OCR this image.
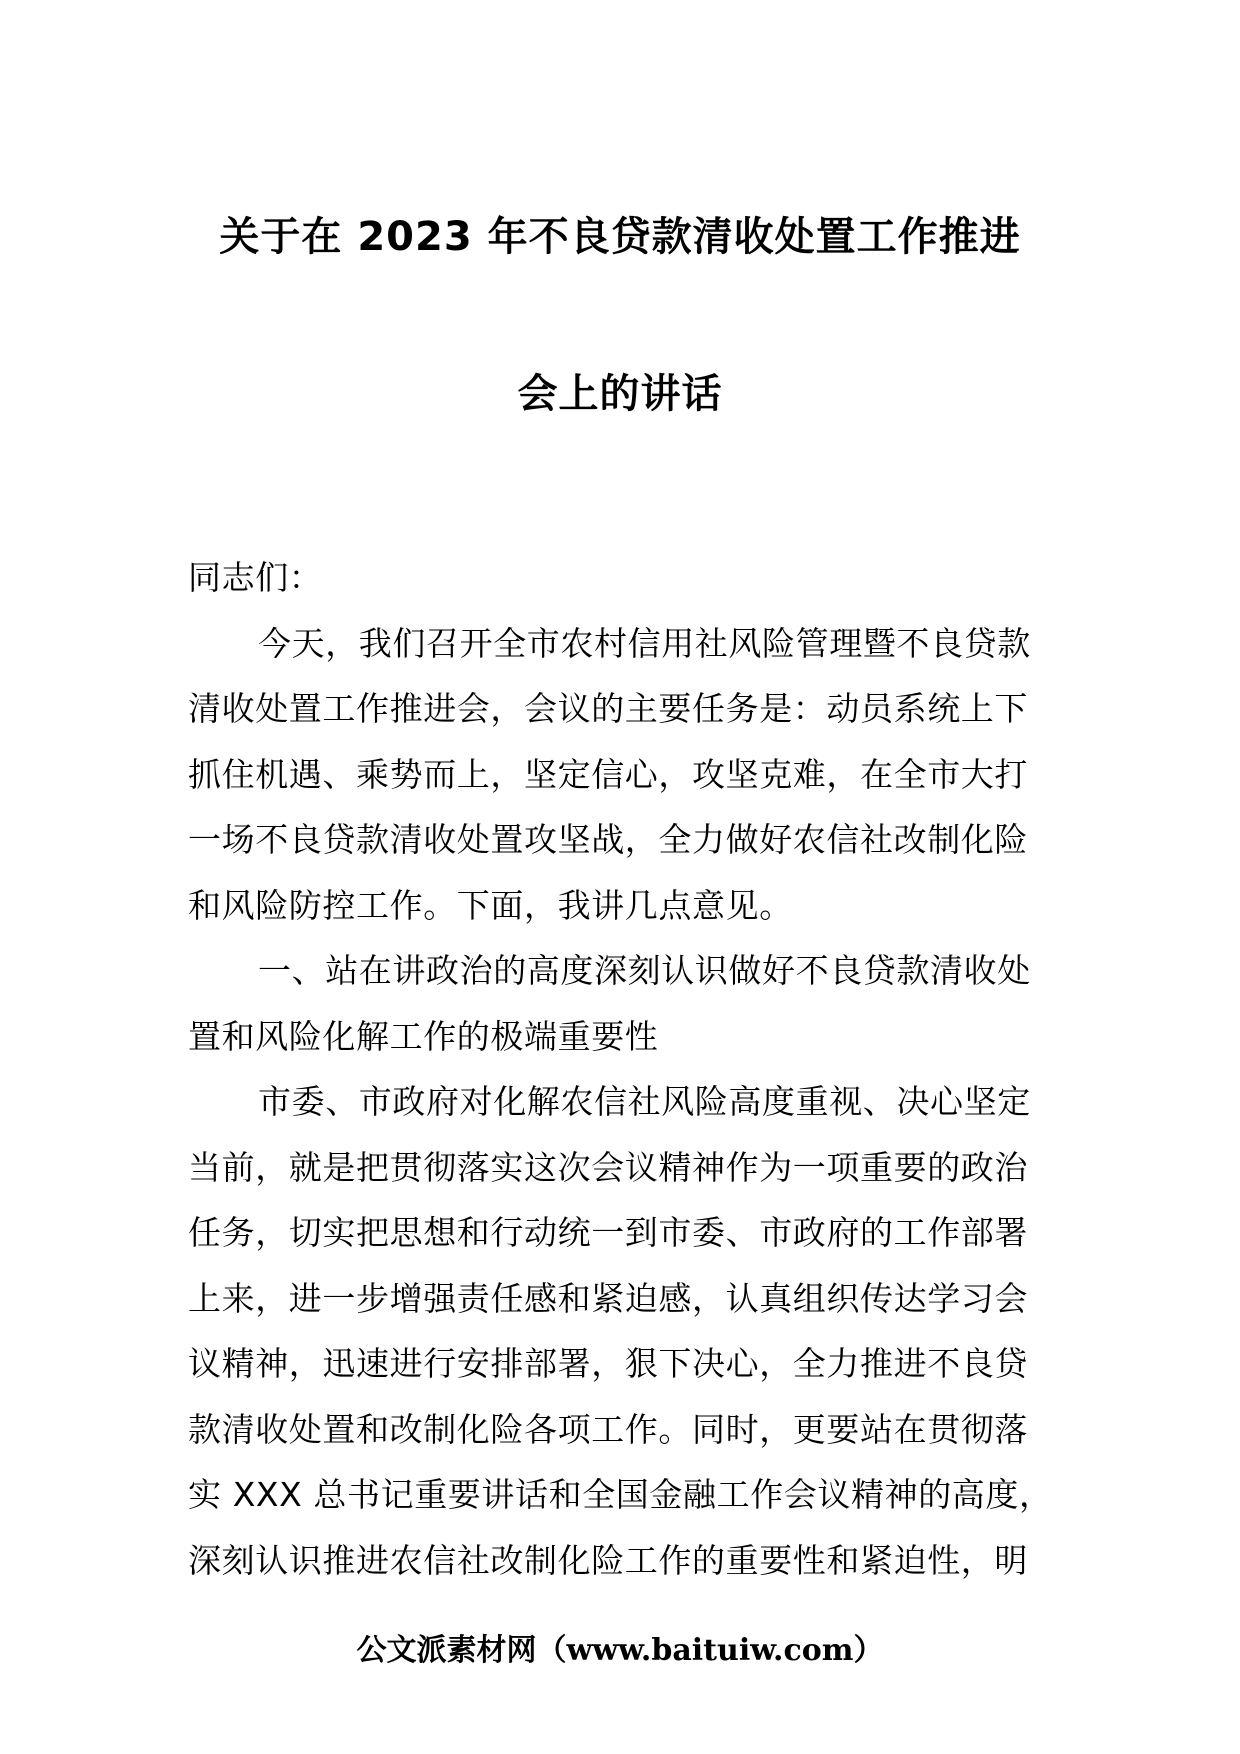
关于在 2023 年不良贷款清收处置工作推进
会上的讲话
同志们：
今天，我们召开全市农村信用社风险管理暨不良贷款
清收处置工作推进会，会议的主要任务是：动员系统上下
抓住机遇、乘势而上，坚定信心，攻坚克难，在全市大打
一场不良贷款清收处置攻坚战，全力做好农信社改制化险
和风险防控工作。下面，我讲几点意见。
一、站在讲政治的高度深刻认识做好不良贷款清收处
置和风险化解工作的极端重要性
市委、市政府对化解农信社风险高度重视、决心坚定
当前，就是把贯彻落实这次会议精神作为一项重要的政治
任务，切实把思想和行动统一到市委、市政府的工作部署
上来，进一步增强责任感和紧迫感，认真组织传达学习会
议精神，迅速进行安排部署，狠下决心，全力推进不良贷
款清收处置和改制化险各项工作。同时，更要站在贯彻落
实 XXX 总书记重要讲话和全国金融工作会议精神的高度，
深刻认识推进农信社改制化险工作的重要性和紧迫性，明
公文派素材网（www.baituiw.com）
